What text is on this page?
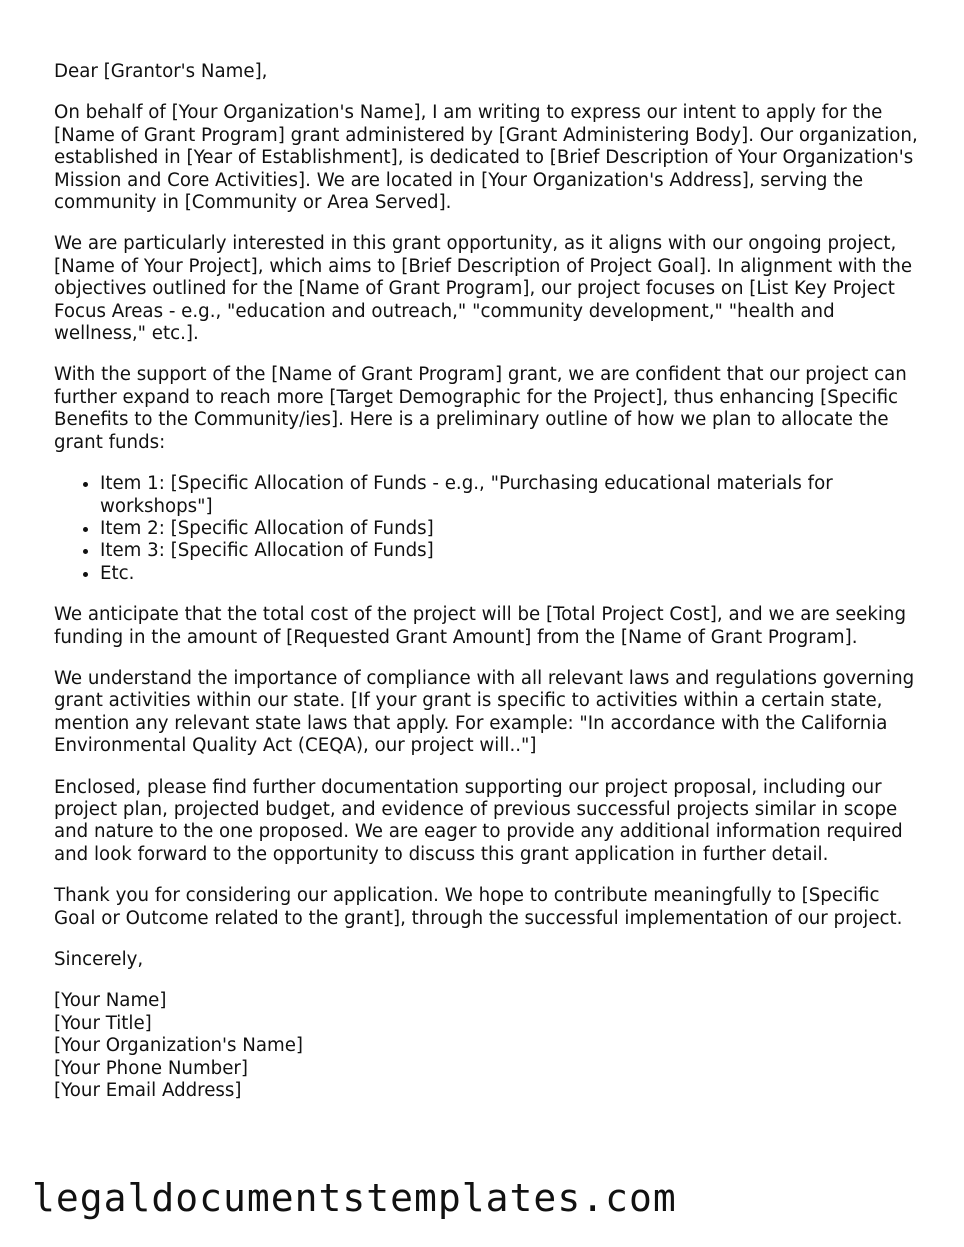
Dear [Grantor's Name],

On behalf of [Your Organization's Name], I am writing to express our intent to apply for the [Name of Grant Program] grant administered by [Grant Administering Body]. Our organization, established in [Year of Establishment], is dedicated to [Brief Description of Your Organization's Mission and Core Activities]. We are located in [Your Organization's Address], serving the community in [Community or Area Served].

We are particularly interested in this grant opportunity, as it aligns with our ongoing project, [Name of Your Project], which aims to [Brief Description of Project Goal]. In alignment with the objectives outlined for the [Name of Grant Program], our project focuses on [List Key Project Focus Areas - e.g., "education and outreach," "community development," "health and wellness," etc.].

With the support of the [Name of Grant Program] grant, we are confident that our project can further expand to reach more [Target Demographic for the Project], thus enhancing [Specific Benefits to the Community/ies]. Here is a preliminary outline of how we plan to allocate the grant funds:

• Item 1: [Specific Allocation of Funds - e.g., "Purchasing educational materials for workshops"]
• Item 2: [Specific Allocation of Funds]
• Item 3: [Specific Allocation of Funds]
• Etc.

We anticipate that the total cost of the project will be [Total Project Cost], and we are seeking funding in the amount of [Requested Grant Amount] from the [Name of Grant Program].

We understand the importance of compliance with all relevant laws and regulations governing grant activities within our state. [If your grant is specific to activities within a certain state, mention any relevant state laws that apply. For example: "In accordance with the California Environmental Quality Act (CEQA), our project will.."]

Enclosed, please find further documentation supporting our project proposal, including our project plan, projected budget, and evidence of previous successful projects similar in scope and nature to the one proposed. We are eager to provide any additional information required and look forward to the opportunity to discuss this grant application in further detail.

Thank you for considering our application. We hope to contribute meaningfully to [Specific Goal or Outcome related to the grant], through the successful implementation of our project.

Sincerely,

[Your Name]
[Your Title]
[Your Organization's Name]
[Your Phone Number]
[Your Email Address]
legaldocumentstemplates.com
